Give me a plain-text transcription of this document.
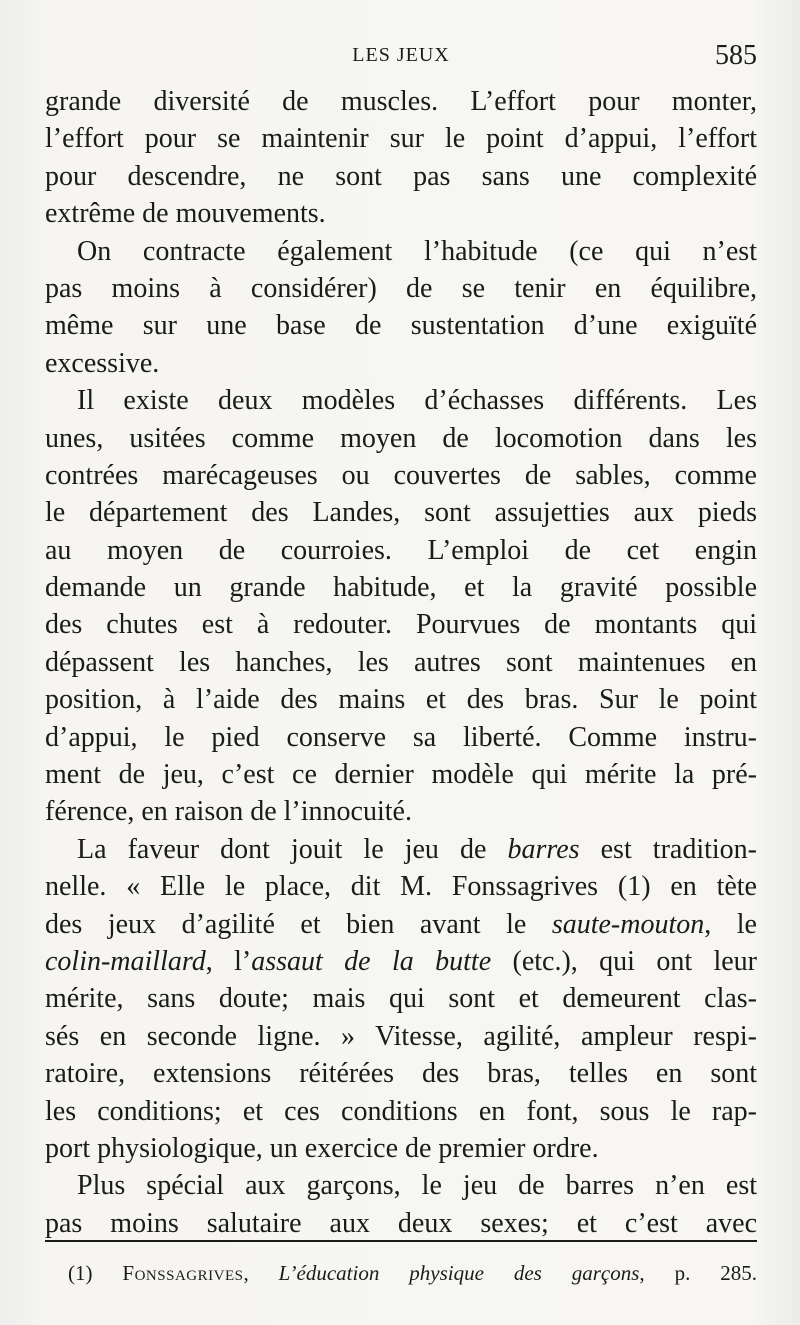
LES JEUX	585
grande diversité de muscles. L’effort pour monter,
l’effort pour se maintenir sur le point d’appui, l’effort
pour descendre, ne sont pas sans une complexité
extrême de mouvements.
On contracte également l’habitude (ce qui n’est
pas moins à considérer) de se tenir en équilibre,
même sur une base de sustentation d’une exiguïté
excessive.
Il existe deux modèles d’échasses différents. Les
unes, usitées comme moyen de locomotion dans les
contrées marécageuses ou couvertes de sables, comme
le département des Landes, sont assujetties aux pieds
au moyen de courroies. L’emploi de cet engin
demande un grande habitude, et la gravité possible
des chutes est à redouter. Pourvues de montants qui
dépassent les hanches, les autres sont maintenues en
position, à l’aide des mains et des bras. Sur le point
d’appui, le pied conserve sa liberté. Comme instru-
ment de jeu, c’est ce dernier modèle qui mérite la pré-
férence, en raison de l’innocuité.
La faveur dont jouit le jeu de barres est tradition-
nelle. « Elle le place, dit M. Fonssagrives (1) en tète
des jeux d’agilité et bien avant le saute-mouton, le
colin-maillard, l’assaut de la butte (etc.), qui ont leur
mérite, sans doute; mais qui sont et demeurent clas-
sés en seconde ligne. » Vitesse, agilité, ampleur respi-
ratoire, extensions réitérées des bras, telles en sont
les conditions; et ces conditions en font, sous le rap-
port physiologique, un exercice de premier ordre.
Plus spécial aux garçons, le jeu de barres n’en est
pas moins salutaire aux deux sexes; et c’est avec
(1) Fonssagrives, L’éducation physique des garçons, p. 285.
